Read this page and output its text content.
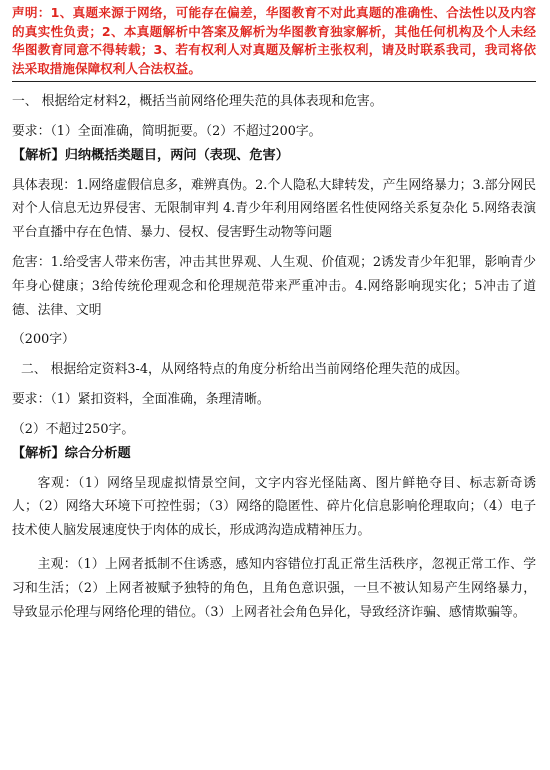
声明：1、真题来源于网络，可能存在偏差，华图教育不对此真题的准确性、合法性以及内容的真实性负责；2、本真题解析中答案及解析为华图教育独家解析，其他任何机构及个人未经华图教育同意不得转载；3、若有权利人对真题及解析主张权利，请及时联系我司，我司将依法采取措施保障权利人合法权益。

一、 根据给定材料2，概括当前网络伦理失范的具体表现和危害。

要求：（1）全面准确，简明扼要。（2）不超过200字。

【解析】归纳概括类题目，两问（表现、危害）

具体表现：1.网络虚假信息多，难辨真伪。2.个人隐私大肆转发，产生网络暴力；3.部分网民对个人信息无边界侵害、无限制审判 4.青少年利用网络匿名性使网络关系复杂化 5.网络表演平台直播中存在色情、暴力、侵权、侵害野生动物等问题

危害：1.给受害人带来伤害，冲击其世界观、人生观、价值观；2诱发青少年犯罪，影响青少年身心健康；3给传统伦理观念和伦理规范带来严重冲击。4.网络影响现实化；5冲击了道德、法律、文明

（200字）

二、 根据给定资料3-4，从网络特点的角度分析给出当前网络伦理失范的成因。

要求：（1）紧扣资料，全面准确，条理清晰。

（2）不超过250字。

【解析】综合分析题

客观：（1）网络呈现虚拟情景空间，文字内容光怪陆离、图片鲜艳夺目、标志新奇诱人；（2）网络大环境下可控性弱；（3）网络的隐匿性、碎片化信息影响伦理取向；（4）电子技术使人脑发展速度快于肉体的成长，形成鸿沟造成精神压力。

主观：（1）上网者抵制不住诱惑，感知内容错位打乱正常生活秩序，忽视正常工作、学习和生活；（2）上网者被赋予独特的角色，且角色意识强，一旦不被认知易产生网络暴力，导致显示伦理与网络伦理的错位。（3）上网者社会角色异化，导致经济诈骗、感情欺骗等。
